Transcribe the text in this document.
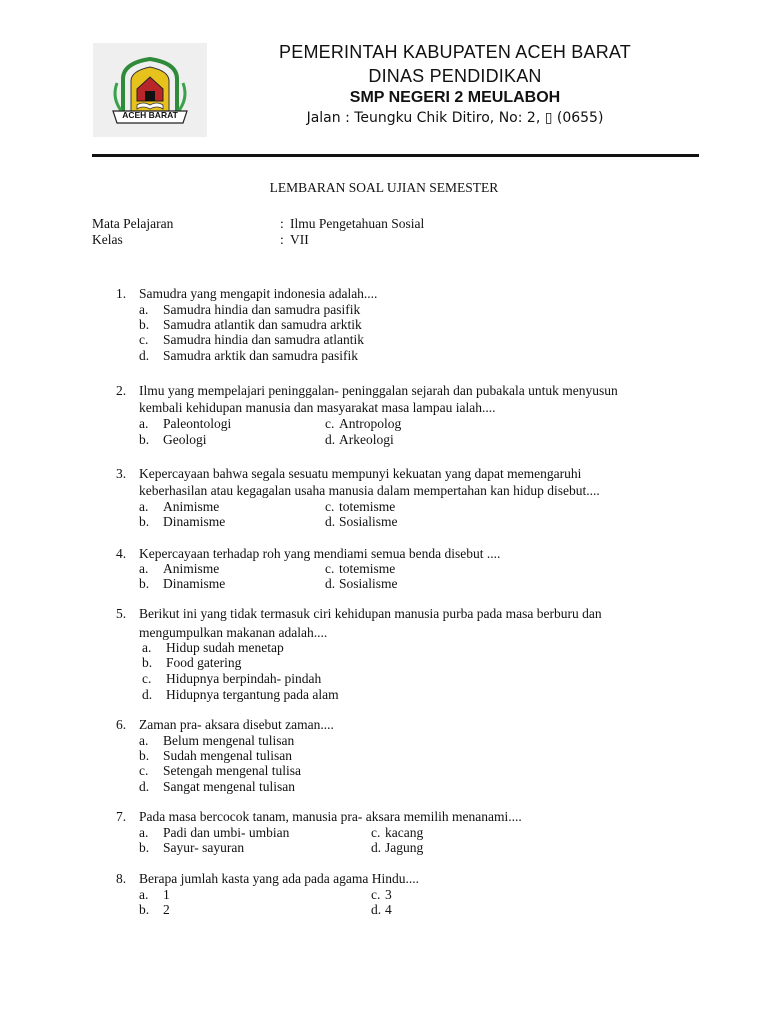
ACEH BARAT
PEMERINTAH KABUPATEN ACEH BARAT
DINAS PENDIDIKAN
SMP NEGERI 2 MEULABOH
Jalan : Teungku Chik Ditiro, No: 2, ▯ (0655)
LEMBARAN SOAL UJIAN SEMESTER
Mata Pelajaran	: Ilmu Pengetahuan Sosial
Kelas	: VII
1. Samudra yang mengapit indonesia adalah....
a. Samudra hindia dan samudra pasifik
b. Samudra atlantik dan samudra arktik
c. Samudra hindia dan samudra atlantik
d. Samudra arktik dan samudra pasifik
2. Ilmu yang mempelajari peninggalan- peninggalan sejarah dan pubakala untuk menyusun
kembali kehidupan manusia dan masyarakat masa lampau ialah....
a. Paleontologi	c. Antropolog
b. Geologi	d. Arkeologi
3. Kepercayaan bahwa segala sesuatu mempunyi kekuatan yang dapat memengaruhi
keberhasilan atau kegagalan usaha manusia dalam mempertahan kan hidup disebut....
a. Animisme	c. totemisme
b. Dinamisme	d. Sosialisme
4. Kepercayaan terhadap roh yang mendiami semua benda disebut ....
a. Animisme	c. totemisme
b. Dinamisme	d. Sosialisme
5. Berikut ini yang tidak termasuk ciri kehidupan manusia purba pada masa berburu dan
mengumpulkan makanan adalah....
a. Hidup sudah menetap
b. Food gatering
c. Hidupnya berpindah- pindah
d. Hidupnya tergantung pada alam
6. Zaman pra- aksara disebut zaman....
a. Belum mengenal tulisan
b. Sudah mengenal tulisan
c. Setengah mengenal tulisa
d. Sangat mengenal tulisan
7. Pada masa bercocok tanam, manusia pra- aksara memilih menanami....
a. Padi dan umbi- umbian	c. kacang
b. Sayur- sayuran	d. Jagung
8. Berapa jumlah kasta yang ada pada agama Hindu....
a. 1	c. 3
b. 2	d. 4
